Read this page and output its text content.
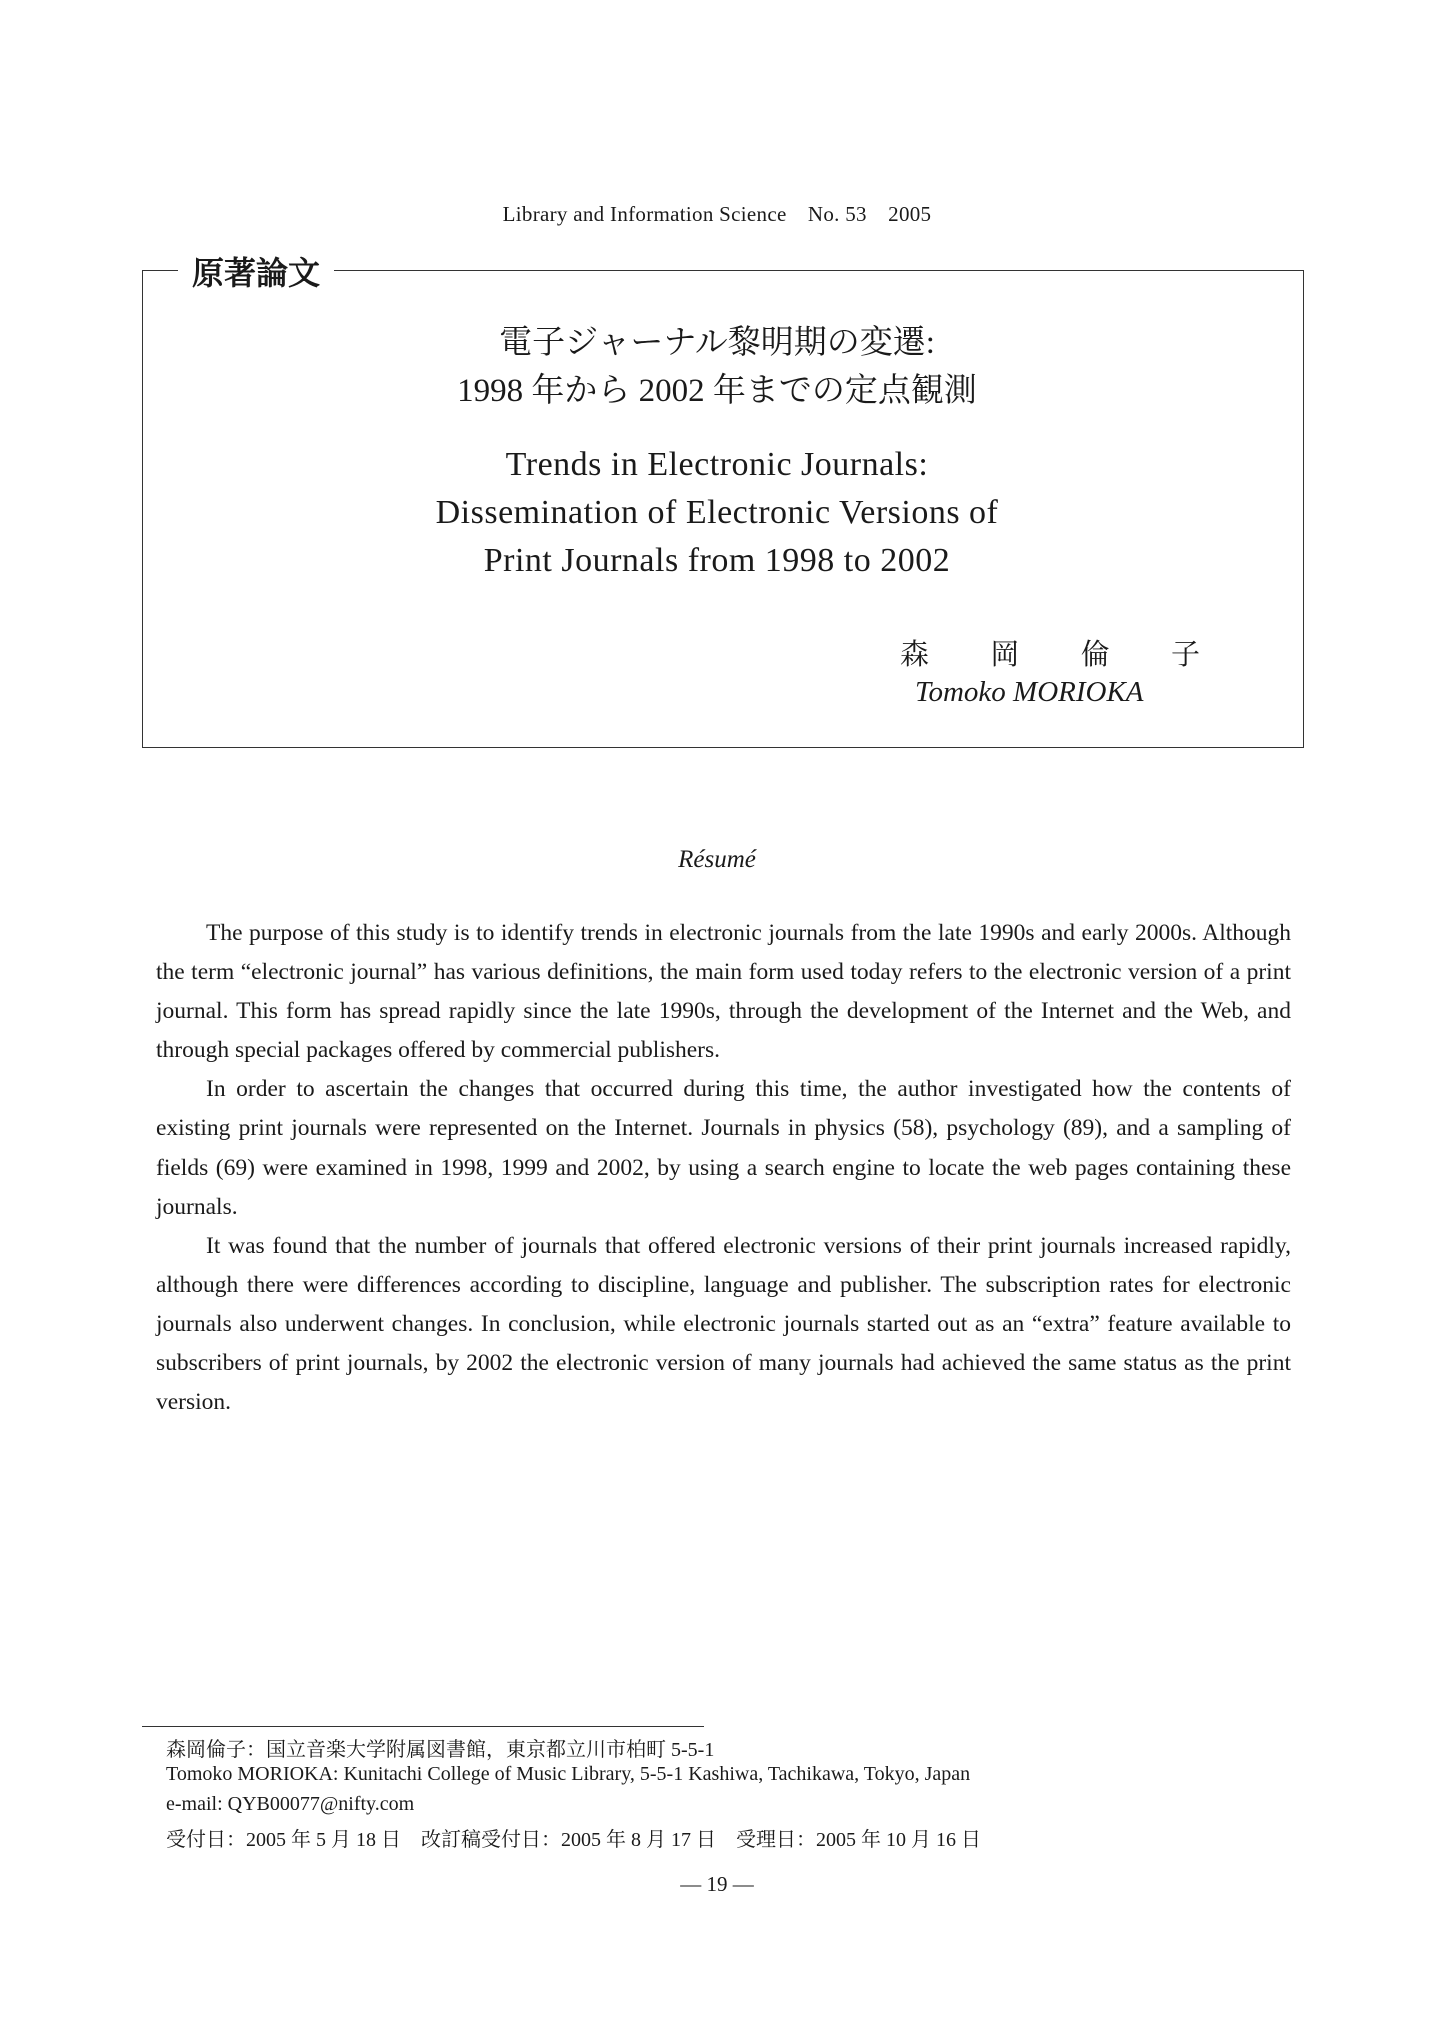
Library and Information Science　No. 53　2005
原著論文
電子ジャーナル黎明期の変遷:
1998 年から 2002 年までの定点観測
Trends in Electronic Journals:
Dissemination of Electronic Versions of
Print Journals from 1998 to 2002
森 岡 倫 子
Tomoko MORIOKA
Résumé

The purpose of this study is to identify trends in electronic journals from the late 1990s and early 2000s. Although the term “electronic journal” has various definitions, the main form used today refers to the electronic version of a print journal. This form has spread rapidly since the late 1990s, through the development of the Internet and the Web, and through special packages offered by commercial publishers.

In order to ascertain the changes that occurred during this time, the author investigated how the contents of existing print journals were represented on the Internet. Journals in physics (58), psychology (89), and a sampling of fields (69) were examined in 1998, 1999 and 2002, by using a search engine to locate the web pages containing these journals.

It was found that the number of journals that offered electronic versions of their print journals increased rapidly, although there were differences according to discipline, language and publisher. The subscription rates for electronic journals also underwent changes. In conclusion, while electronic journals started out as an “extra” feature available to subscribers of print journals, by 2002 the electronic version of many journals had achieved the same status as the print version.

森岡倫子：国立音楽大学附属図書館，東京都立川市柏町 5-5-1
Tomoko MORIOKA: Kunitachi College of Music Library, 5-5-1 Kashiwa, Tachikawa, Tokyo, Japan
e-mail: QYB00077@nifty.com
受付日：2005 年 5 月 18 日　改訂稿受付日：2005 年 8 月 17 日　受理日：2005 年 10 月 16 日
— 19 —
